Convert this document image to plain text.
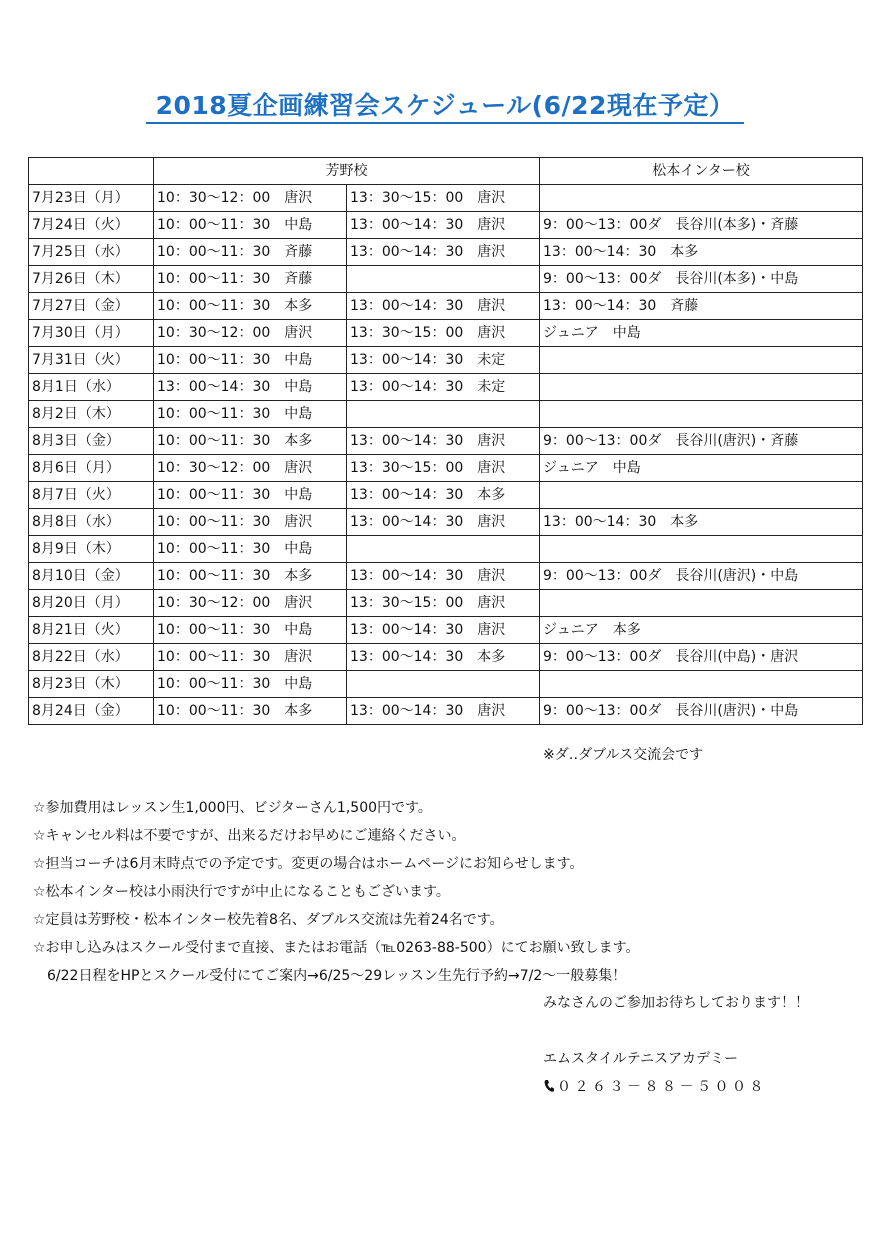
2018夏企画練習会スケジュール(6/22現在予定）
	芳野校		松本インター校
7月23日（月）	10：30〜12：00　唐沢	13：30〜15：00　唐沢	
7月24日（火）	10：00〜11：30　中島	13：00〜14：30　唐沢	9：00〜13：00ダ　長谷川(本多)・斉藤
7月25日（水）	10：00〜11：30　斉藤	13：00〜14：30　唐沢	13：00〜14：30　本多
7月26日（木）	10：00〜11：30　斉藤		9：00〜13：00ダ　長谷川(本多)・中島
7月27日（金）	10：00〜11：30　本多	13：00〜14：30　唐沢	13：00〜14：30　斉藤
7月30日（月）	10：30〜12：00　唐沢	13：30〜15：00　唐沢	ジュニア　中島
7月31日（火）	10：00〜11：30　中島	13：00〜14：30　未定	
8月1日（水）	13：00〜14：30　中島	13：00〜14：30　未定	
8月2日（木）	10：00〜11：30　中島		
8月3日（金）	10：00〜11：30　本多	13：00〜14：30　唐沢	9：00〜13：00ダ　長谷川(唐沢)・斉藤
8月6日（月）	10：30〜12：00　唐沢	13：30〜15：00　唐沢	ジュニア　中島
8月7日（火）	10：00〜11：30　中島	13：00〜14：30　本多	
8月8日（水）	10：00〜11：30　唐沢	13：00〜14：30　唐沢	13：00〜14：30　本多
8月9日（木）	10：00〜11：30　中島		
8月10日（金）	10：00〜11：30　本多	13：00〜14：30　唐沢	9：00〜13：00ダ　長谷川(唐沢)・中島
8月20日（月）	10：30〜12：00　唐沢	13：30〜15：00　唐沢	
8月21日（火）	10：00〜11：30　中島	13：00〜14：30　唐沢	ジュニア　本多
8月22日（水）	10：00〜11：30　唐沢	13：00〜14：30　本多	9：00〜13：00ダ　長谷川(中島)・唐沢
8月23日（木）	10：00〜11：30　中島		
8月24日（金）	10：00〜11：30　本多	13：00〜14：30　唐沢	9：00〜13：00ダ　長谷川(唐沢)・中島
※ダ‥ダブルス交流会です
☆参加費用はレッスン生1,000円、ビジターさん1,500円です。
☆キャンセル料は不要ですが、出来るだけお早めにご連絡ください。
☆担当コーチは6月末時点での予定です。変更の場合はホームページにお知らせします。
☆松本インター校は小雨決行ですが中止になることもございます。
☆定員は芳野校・松本インター校先着8名、ダブルス交流は先着24名です。
☆お申し込みはスクール受付まで直接、またはお電話（℡0263-88-500）にてお願い致します。
　6/22日程をHPとスクール受付にてご案内→6/25〜29レッスン生先行予約→7/2〜一般募集！
みなさんのご参加お待ちしております！！
エムスタイルテニスアカデミー
０２６３－８８－５００８
